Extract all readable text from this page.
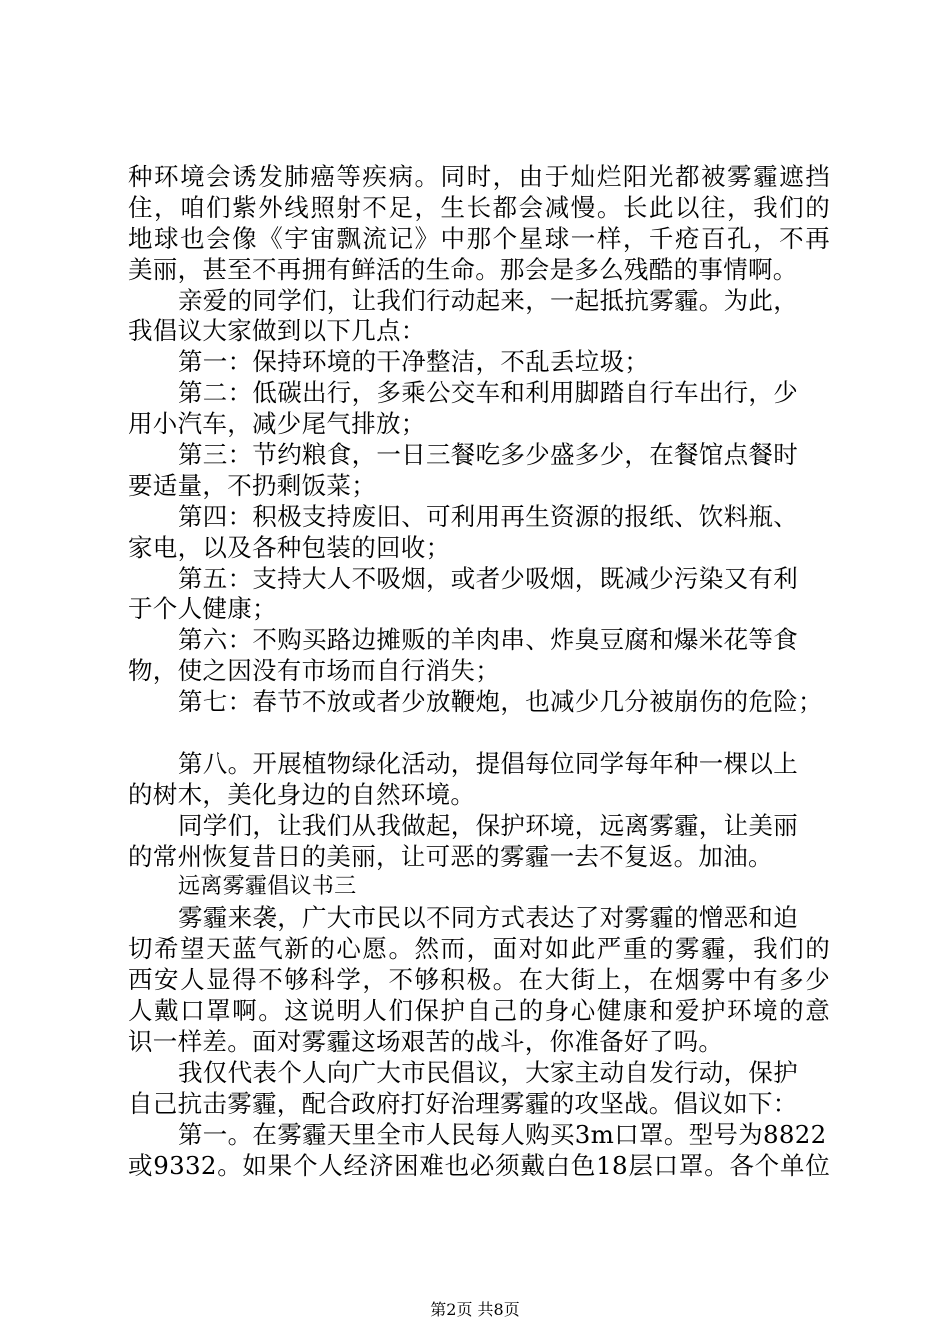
种环境会诱发肺癌等疾病。同时，由于灿烂阳光都被雾霾遮挡
住，咱们紫外线照射不足，生长都会减慢。长此以往，我们的
地球也会像《宇宙飘流记》中那个星球一样，千疮百孔，不再
美丽，甚至不再拥有鲜活的生命。那会是多么残酷的事情啊。
亲爱的同学们，让我们行动起来，一起抵抗雾霾。为此，
我倡议大家做到以下几点：
第一：保持环境的干净整洁，不乱丢垃圾；
第二：低碳出行，多乘公交车和利用脚踏自行车出行，少
用小汽车，减少尾气排放；
第三：节约粮食，一日三餐吃多少盛多少，在餐馆点餐时
要适量，不扔剩饭菜；
第四：积极支持废旧、可利用再生资源的报纸、饮料瓶、
家电，以及各种包装的回收；
第五：支持大人不吸烟，或者少吸烟，既减少污染又有利
于个人健康；
第六：不购买路边摊贩的羊肉串、炸臭豆腐和爆米花等食
物，使之因没有市场而自行消失；
第七：春节不放或者少放鞭炮，也减少几分被崩伤的危险；
第八。开展植物绿化活动，提倡每位同学每年种一棵以上
的树木，美化身边的自然环境。
同学们，让我们从我做起，保护环境，远离雾霾，让美丽
的常州恢复昔日的美丽，让可恶的雾霾一去不复返。加油。
远离雾霾倡议书三
雾霾来袭，广大市民以不同方式表达了对雾霾的憎恶和迫
切希望天蓝气新的心愿。然而，面对如此严重的雾霾，我们的
西安人显得不够科学，不够积极。在大街上，在烟雾中有多少
人戴口罩啊。这说明人们保护自己的身心健康和爱护环境的意
识一样差。面对雾霾这场艰苦的战斗，你准备好了吗。
我仅代表个人向广大市民倡议，大家主动自发行动，保护
自己抗击雾霾，配合政府打好治理雾霾的攻坚战。倡议如下：
第一。在雾霾天里全市人民每人购买3m口罩。型号为8822
或9332。如果个人经济困难也必须戴白色18层口罩。各个单位
第2页 共8页
